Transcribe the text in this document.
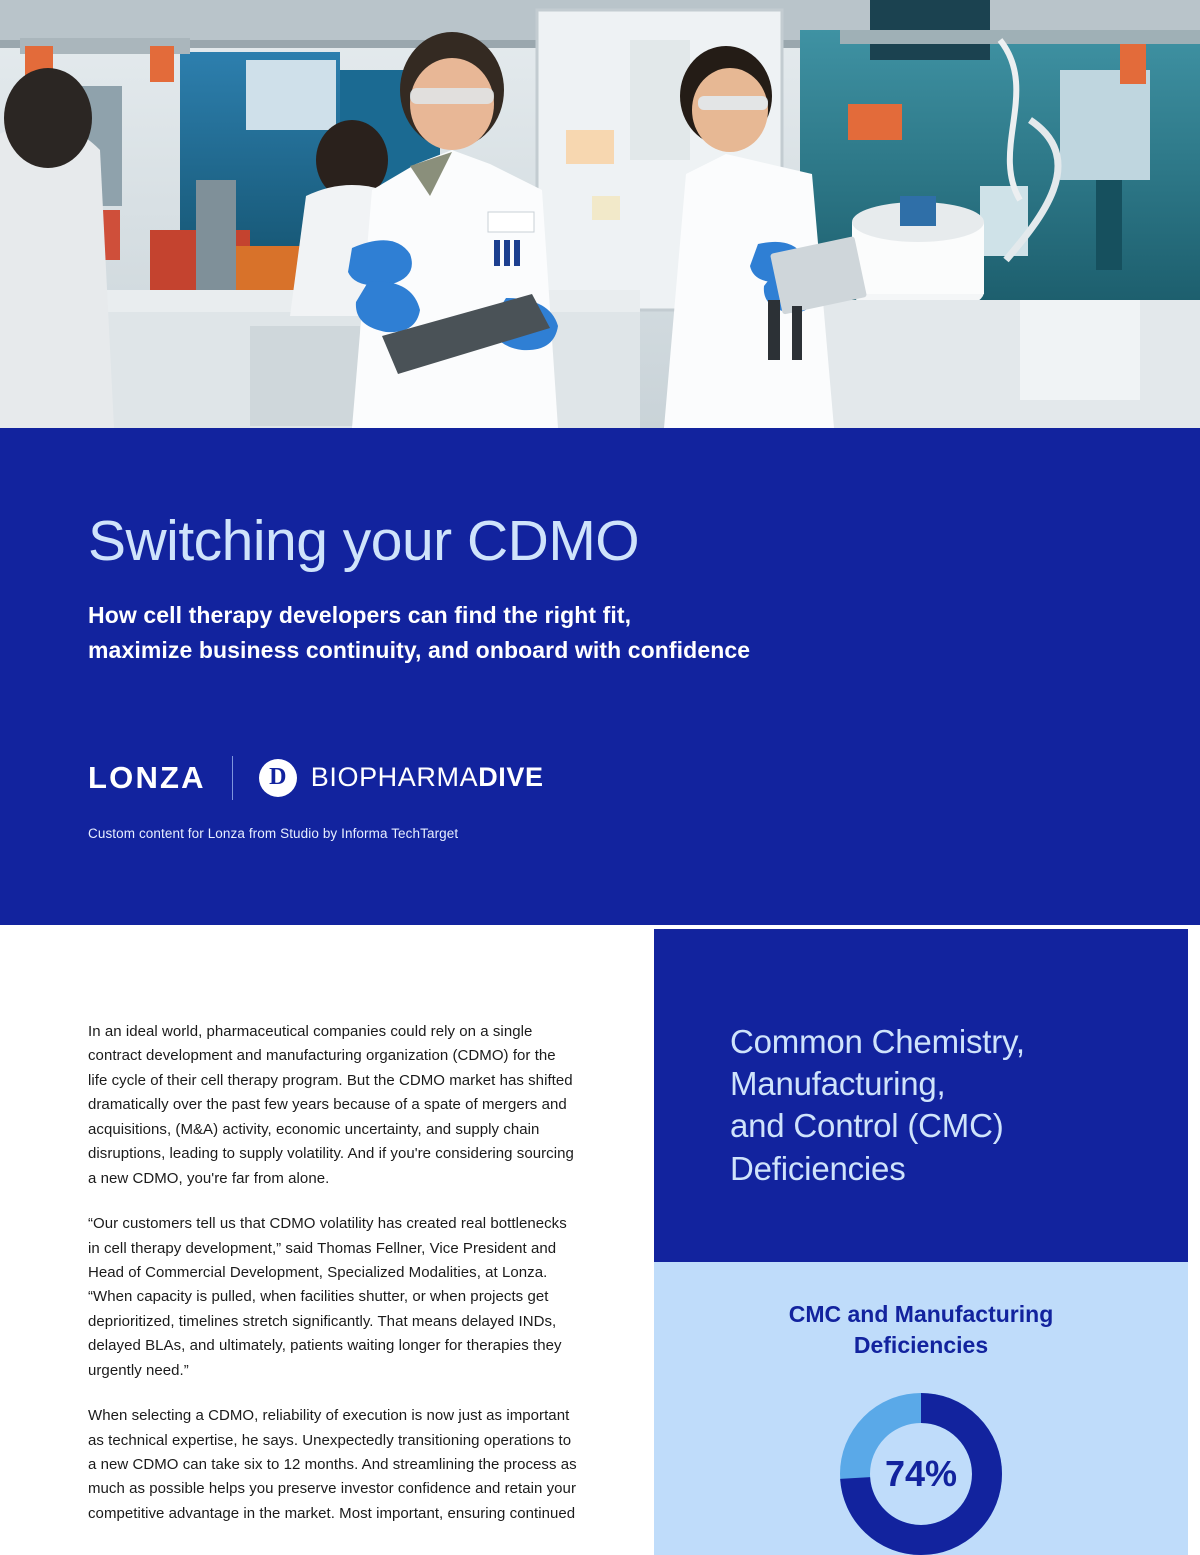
Switching your CDMO
How cell therapy developers can find the right fit,
maximize business continuity, and onboard with confidence
LONZA	D BIOPHARMADIVE
Custom content for Lonza from Studio by Informa TechTarget

In an ideal world, pharmaceutical companies could rely on a single contract development and manufacturing organization (CDMO) for the life cycle of their cell therapy program. But the CDMO market has shifted dramatically over the past few years because of a spate of mergers and acquisitions, (M&A) activity, economic uncertainty, and supply chain disruptions, leading to supply volatility. And if you're considering sourcing a new CDMO, you're far from alone.

“Our customers tell us that CDMO volatility has created real bottlenecks in cell therapy development,” said Thomas Fellner, Vice President and Head of Commercial Development, Specialized Modalities, at Lonza. “When capacity is pulled, when facilities shutter, or when projects get deprioritized, timelines stretch significantly. That means delayed INDs, delayed BLAs, and ultimately, patients waiting longer for therapies they urgently need.”

When selecting a CDMO, reliability of execution is now just as important as technical expertise, he says. Unexpectedly transitioning operations to a new CDMO can take six to 12 months. And streamlining the process as much as possible helps you preserve investor confidence and retain your competitive advantage in the market. Most important, ensuring continued

Common Chemistry,
Manufacturing,
and Control (CMC)
Deficiencies
CMC and Manufacturing
Deficiencies
74%
